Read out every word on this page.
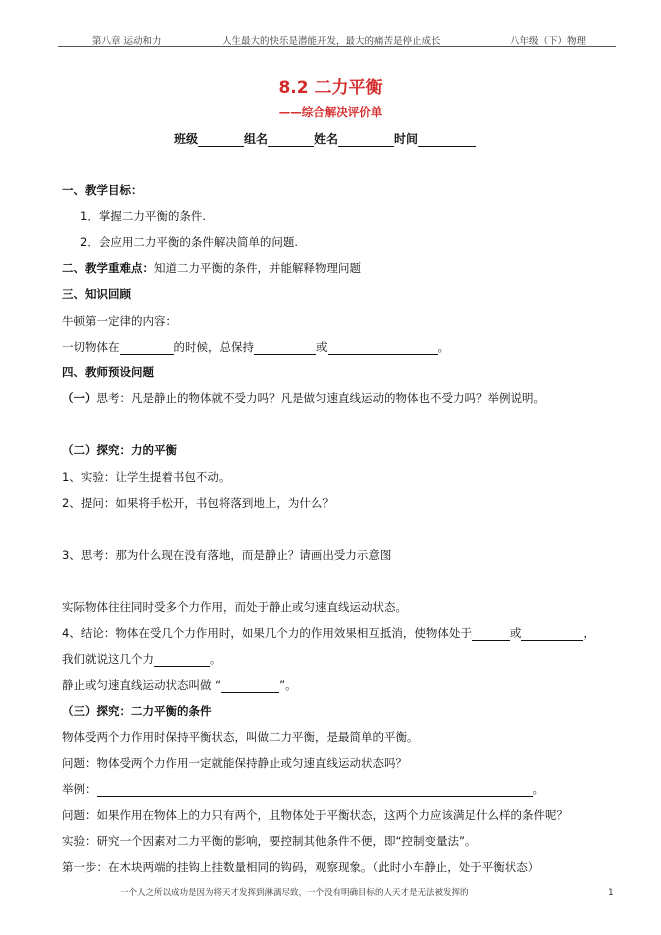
第八章 运动和力	人生最大的快乐是潜能开发，最大的痛苦是停止成长	八年级（下）物理
8.2 二力平衡
——综合解决评价单
班级	组名	姓名	时间
一、教学目标：
1．掌握二力平衡的条件.
2．会应用二力平衡的条件解决简单的问题.
二、教学重难点：知道二力平衡的条件，并能解释物理问题
三、知识回顾
牛顿第一定律的内容：
一切物体在	的时候，总保持	或	。
四、教师预设问题
（一）思考：凡是静止的物体就不受力吗？凡是做匀速直线运动的物体也不受力吗？举例说明。
（二）探究：力的平衡
1、实验：让学生提着书包不动。
2、提问：如果将手松开，书包将落到地上，为什么？
3、思考：那为什么现在没有落地，而是静止？请画出受力示意图
实际物体往往同时受多个力作用，而处于静止或匀速直线运动状态。
4、结论：物体在受几个力作用时，如果几个力的作用效果相互抵消，使物体处于	或	，
我们就说这几个力	。
静止或匀速直线运动状态叫做 “	”。
（三）探究：二力平衡的条件
物体受两个力作用时保持平衡状态，叫做二力平衡，是最简单的平衡。
问题：物体受两个力作用一定就能保持静止或匀速直线运动状态吗？
举例：	。
问题：如果作用在物体上的力只有两个，且物体处于平衡状态，这两个力应该满足什么样的条件呢？
实验：研究一个因素对二力平衡的影响，要控制其他条件不便，即“控制变量法”。
第一步：在木块两端的挂钩上挂数量相同的钩码，观察现象。（此时小车静止，处于平衡状态）
一个人之所以成功是因为将天才发挥到淋漓尽致，一个没有明确目标的人天才是无法被发挥的	1
